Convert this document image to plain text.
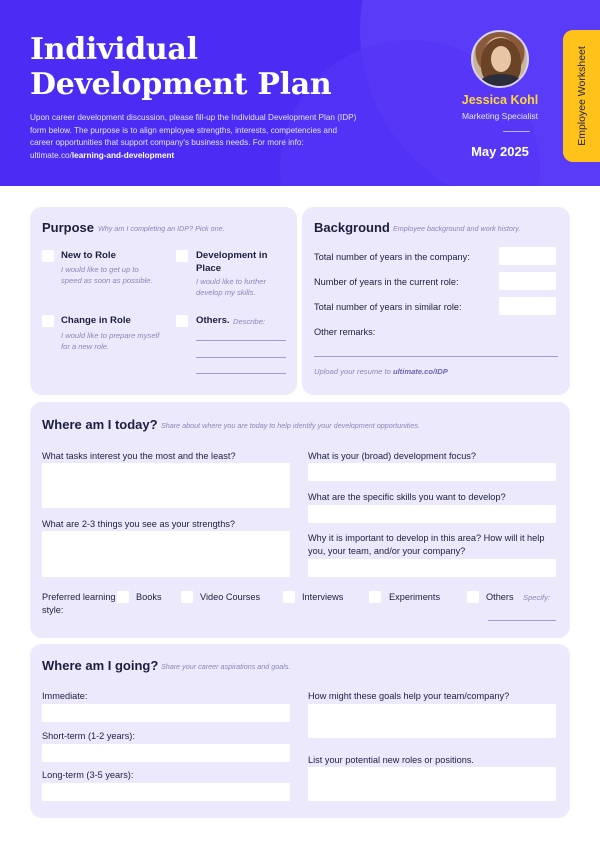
Individual
Development Plan
Upon career development discussion, please fill-up the Individual Development Plan (IDP) form below. The purpose is to align employee strengths, interests, competencies and career opportunities that support company's business needs. For more info: ultimate.co/learning-and-development
Jessica Kohl
Marketing Specialist
May 2025
Employee Worksheet
Purpose Why am I completing an IDP? Pick one.
New to Role
I would like to get up to speed as soon as possible.
Development in Place
I would like to further develop my skills.
Change in Role
I would like to prepare myself for a new role.
Others. Describe:
Background Employee background and work history.
Total number of years in the company:
Number of years in the current role:
Total number of years in similar role:
Other remarks:
Upload your resume to ultimate.co/IDP
Where am I today? Share about where you are today to help identify your development opportunities.
What tasks interest you the most and the least?
What are 2-3 things you see as your strengths?
What is your (broad) development focus?
What are the specific skills you want to develop?
Why it is important to develop in this area? How will it help you, your team, and/or your company?
Preferred learning style:
Books	Video Courses	Interviews	Experiments	Others Specify:
Where am I going? Share your career aspirations and goals.
Immediate:
Short-term (1-2 years):
Long-term (3-5 years):
How might these goals help your team/company?
List your potential new roles or positions.
